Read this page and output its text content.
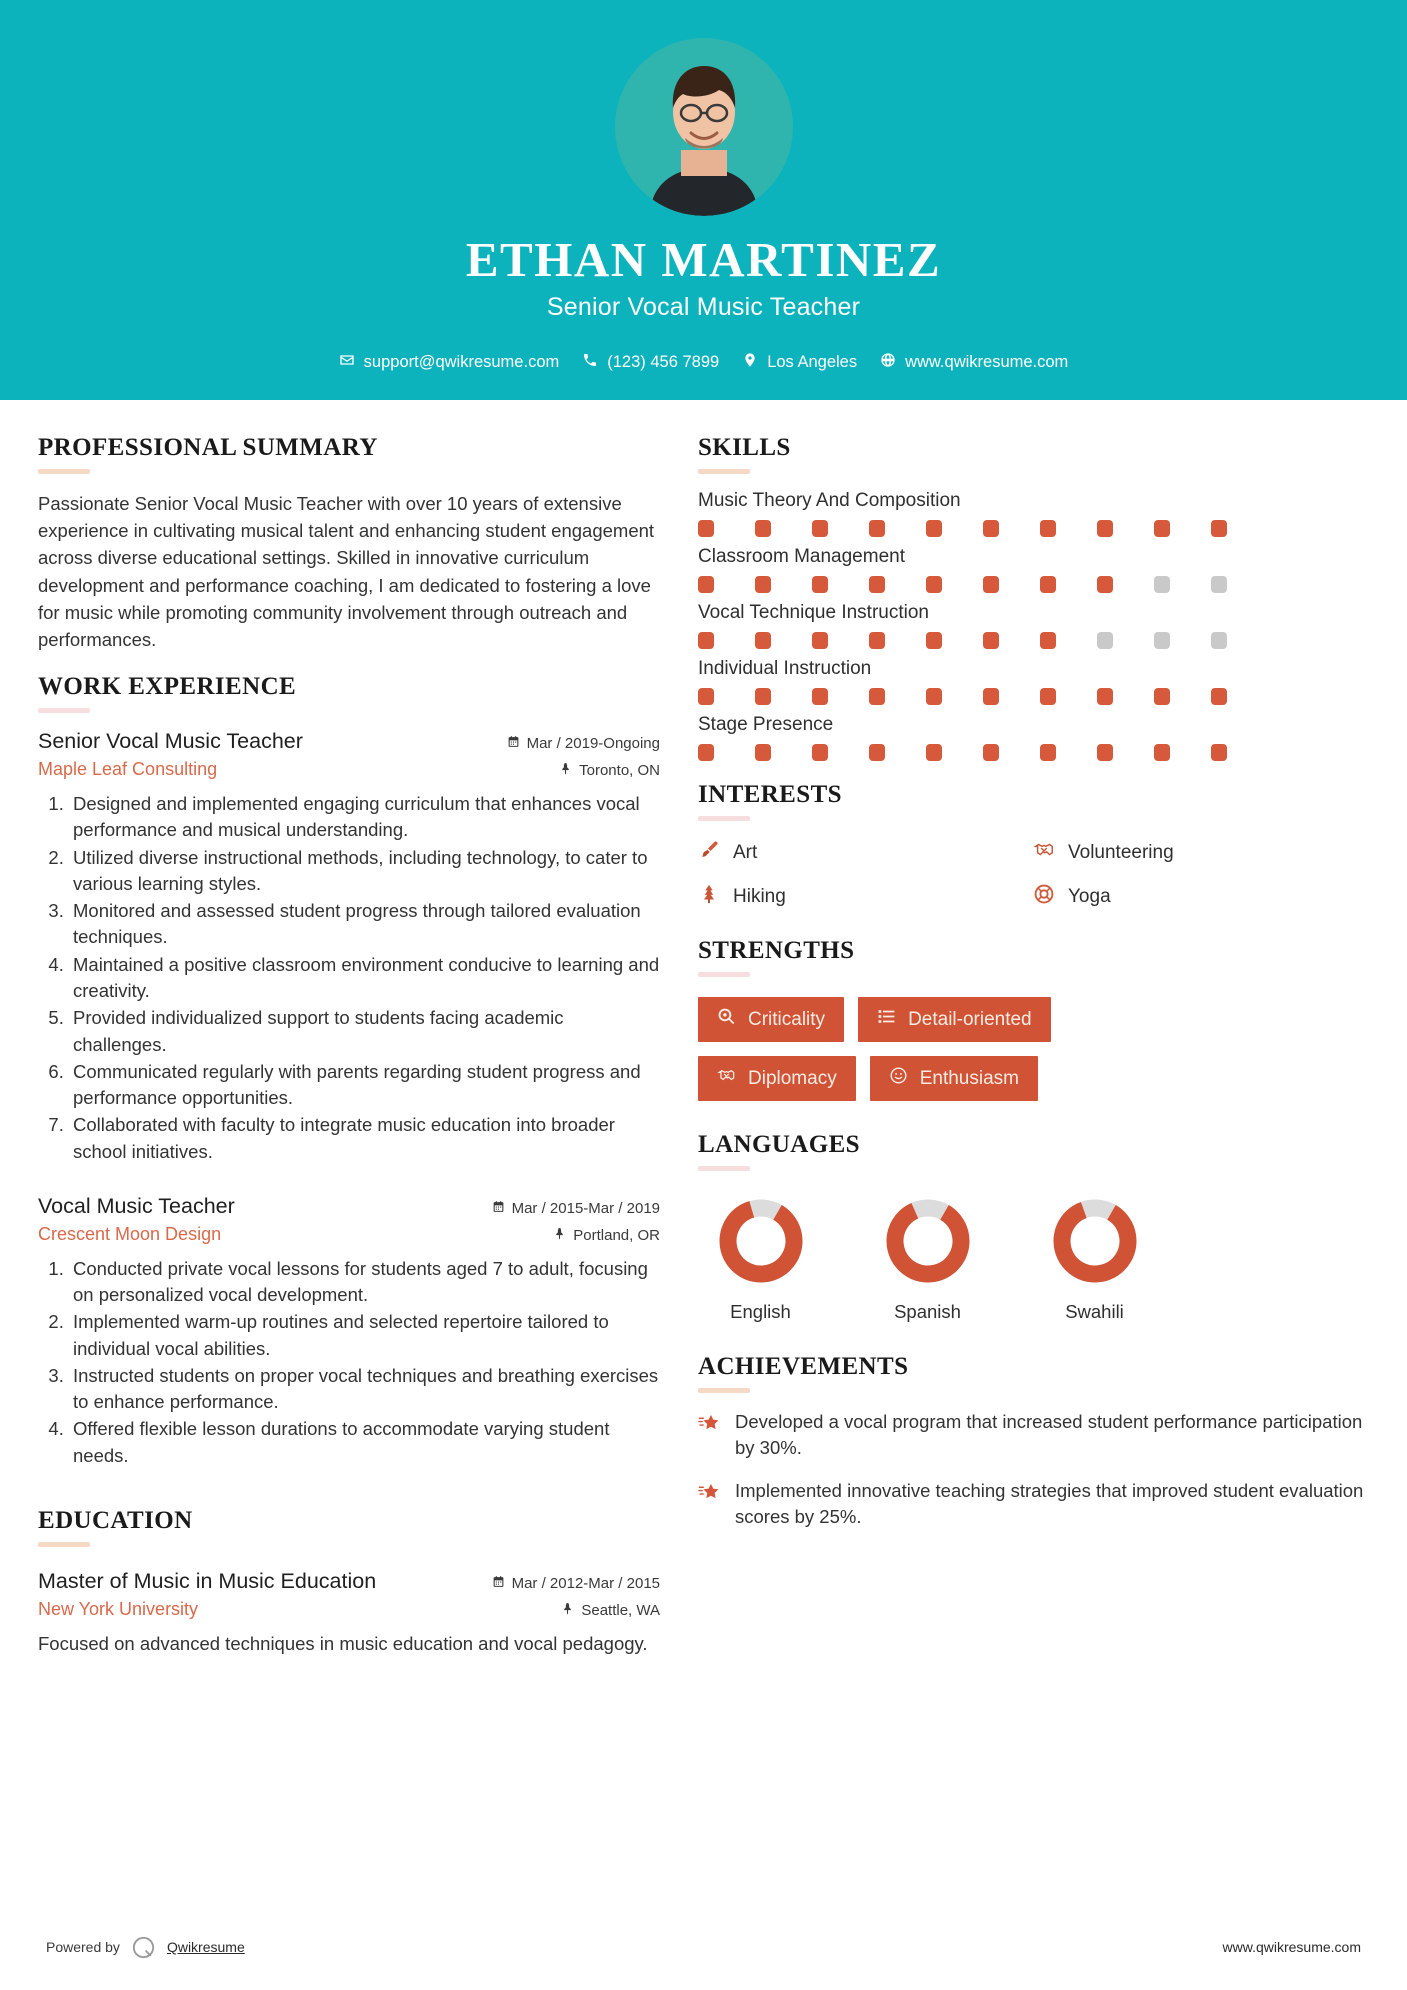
ETHAN MARTINEZ
Senior Vocal Music Teacher
support@qwikresume.com	(123) 456 7899	Los Angeles	www.qwikresume.com
PROFESSIONAL SUMMARY

Passionate Senior Vocal Music Teacher with over 10 years of extensive experience in cultivating musical talent and enhancing student engagement across diverse educational settings. Skilled in innovative curriculum development and performance coaching, I am dedicated to fostering a love for music while promoting community involvement through outreach and performances.

WORK EXPERIENCE
Senior Vocal Music Teacher	Mar / 2019-Ongoing
Maple Leaf Consulting	Toronto, ON
1. Designed and implemented engaging curriculum that enhances vocal performance and musical understanding.
2. Utilized diverse instructional methods, including technology, to cater to various learning styles.
3. Monitored and assessed student progress through tailored evaluation techniques.
4. Maintained a positive classroom environment conducive to learning and creativity.
5. Provided individualized support to students facing academic challenges.
6. Communicated regularly with parents regarding student progress and performance opportunities.
7. Collaborated with faculty to integrate music education into broader school initiatives.
Vocal Music Teacher	Mar / 2015-Mar / 2019
Crescent Moon Design	Portland, OR
1. Conducted private vocal lessons for students aged 7 to adult, focusing on personalized vocal development.
2. Implemented warm-up routines and selected repertoire tailored to individual vocal abilities.
3. Instructed students on proper vocal techniques and breathing exercises to enhance performance.
4. Offered flexible lesson durations to accommodate varying student needs.
EDUCATION
Master of Music in Music Education	Mar / 2012-Mar / 2015
New York University	Seattle, WA
Focused on advanced techniques in music education and vocal pedagogy.
SKILLS
Music Theory And Composition
Classroom Management
Vocal Technique Instruction
Individual Instruction
Stage Presence
INTERESTS
Art	Volunteering
Hiking	Yoga
STRENGTHS
Criticality	Detail-oriented
Diplomacy	Enthusiasm
LANGUAGES
English	Spanish	Swahili
ACHIEVEMENTS
Developed a vocal program that increased student performance participation by 30%.
Implemented innovative teaching strategies that improved student evaluation scores by 25%.
Powered by	Qwikresume	www.qwikresume.com
